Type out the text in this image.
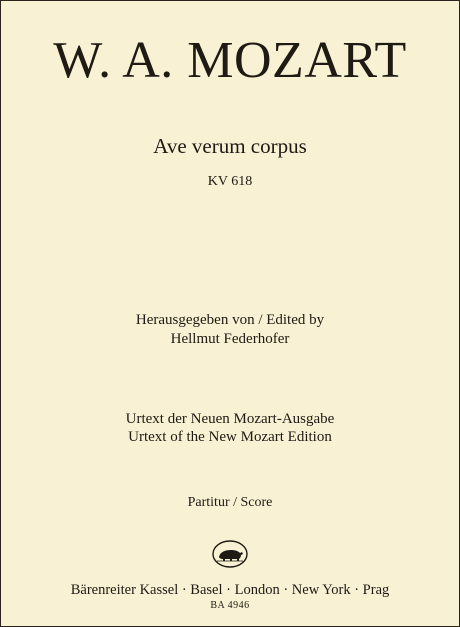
W. A. MOZART
Ave verum corpus
KV 618
Herausgegeben von / Edited by
Hellmut Federhofer
Urtext der Neuen Mozart-Ausgabe
Urtext of the New Mozart Edition
Partitur / Score
Bärenreiter Kassel · Basel · London · New York · Prag
BA 4946
